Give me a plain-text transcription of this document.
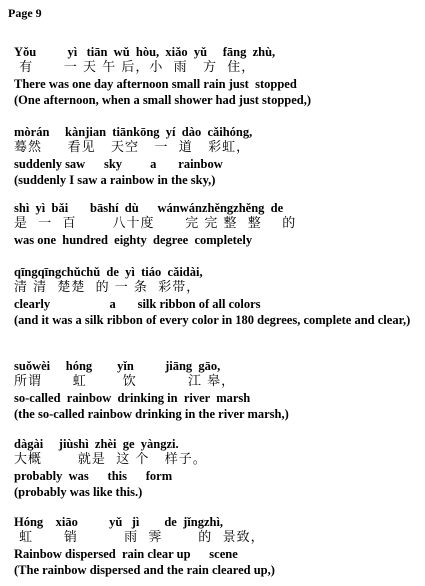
Page 9
Yǒu          yì   tiān  wǔ  hòu,  xiǎo  yǔ     fāng  zhù,
有      一 天 午 后，小  雨   方  住，
There was one day afternoon small rain just  stopped
(One afternoon, when a small shower had just stopped,)
mòrán     kànjian  tiānkōng  yí  dào  cǎihóng,
蓦然     看见   天空   一  道   彩虹，
suddenly saw      sky         a       rainbow
(suddenly I saw a rainbow in the sky,)
shì  yì  bǎi       bāshí  dù      wánwánzhěngzhěng  de
是  一  百       八十度      完 完 整  整    的
was one  hundred  eighty  degree  completely
qīngqīngchǔchǔ  de  yì  tiáo  cǎidài,
清 清  楚楚  的 一 条  彩带，
clearly                   a       silk ribbon of all colors
(and it was a silk ribbon of every color in 180 degrees, complete and clear,)
suǒwèi     hóng        yǐn          jiāng  gāo,
所谓      虹       饮          江 皋，
so-called  rainbow  drinking in  river  marsh
(the so-called rainbow drinking in the river marsh,)
dàgài     jiùshì  zhèi  ge  yàngzi.
大概       就是  这 个   样子。
probably  was      this      form
(probably was like this.)
Hóng    xiāo          yǔ   jì        de  jǐngzhì,
虹      销         雨  霁       的  景致，
Rainbow dispersed  rain clear up      scene
(The rainbow dispersed and the rain cleared up,)
